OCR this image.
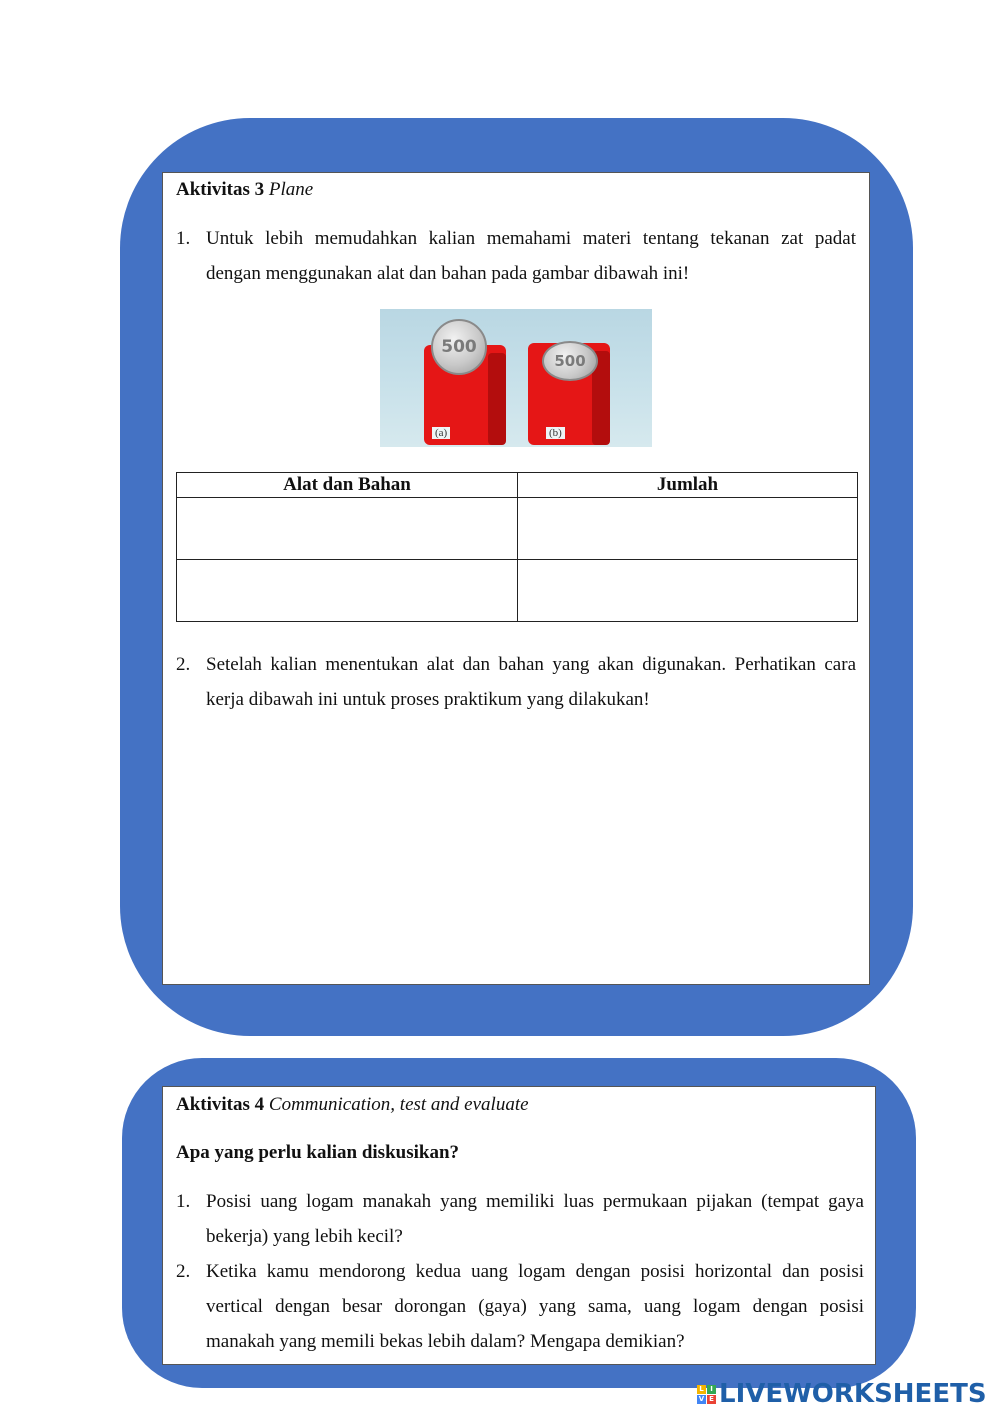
Aktivitas 3 Plane
1. Untuk lebih memudahkan kalian memahami materi tentang tekanan zat padat
dengan menggunakan alat dan bahan pada gambar dibawah ini!
500
500
(a)	(b)
Alat dan Bahan	Jumlah

2. Setelah kalian menentukan alat dan bahan yang akan digunakan. Perhatikan cara
kerja dibawah ini untuk proses praktikum yang dilakukan!
Aktivitas 4 Communication, test and evaluate
Apa yang perlu kalian diskusikan?
1. Posisi uang logam manakah yang memiliki luas permukaan pijakan (tempat gaya
bekerja) yang lebih kecil?
2. Ketika kamu mendorong kedua uang logam dengan posisi horizontal dan posisi
vertical dengan besar dorongan (gaya) yang sama, uang logam dengan posisi
manakah yang memili bekas lebih dalam? Mengapa demikian?
L I
V E LIVEWORKSHEETS
